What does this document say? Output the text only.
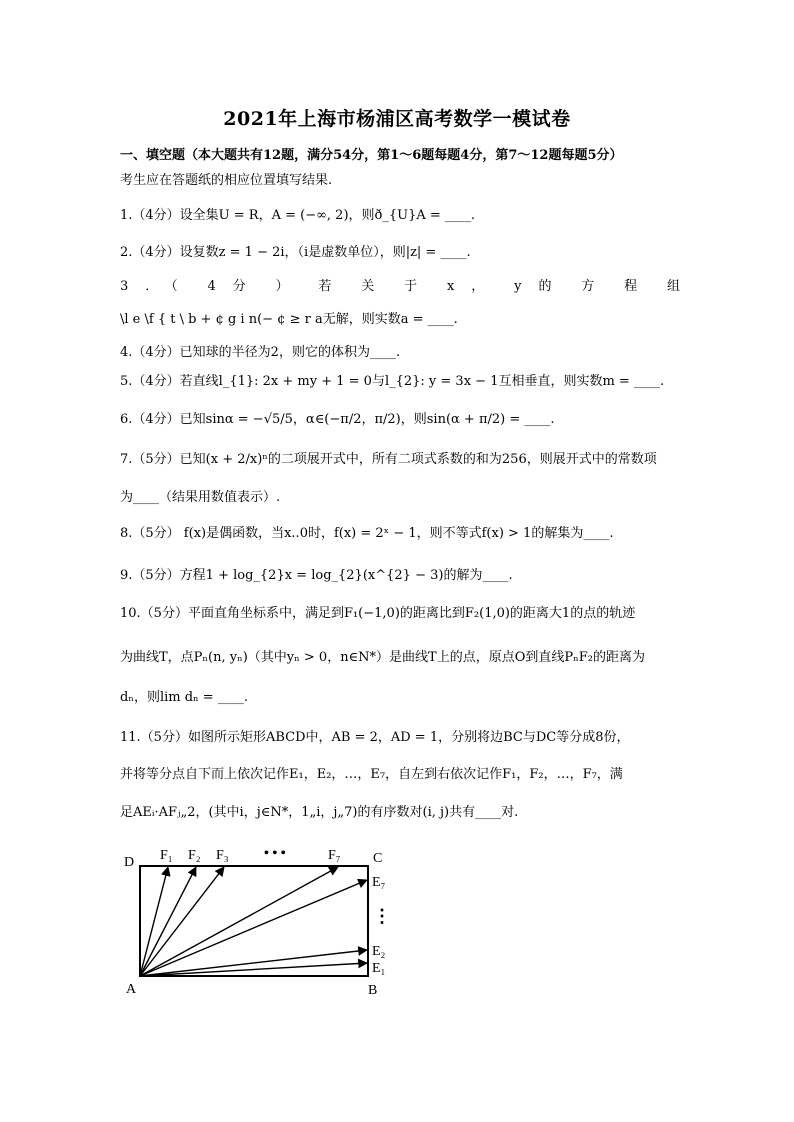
2021年上海市杨浦区高考数学一模试卷
一、填空题（本大题共有12题，满分54分，第1～6题每题4分，第7～12题每题5分）
考生应在答题纸的相应位置填写结果.
1.（4分）设全集U = R，A = (−∞, 2)，则ð_{U}A = ____.
2.（4分）设复数z = 1 − 2i，（i是虚数单位），则|z| = ____.
3 ．（ 4 分 ） 若 关 于 x ， y 的 方 程 组
\l e \f { t \ b + ¢ g i n(− ¢ ≥ r a无解，则实数a = ____.
4.（4分）已知球的半径为2，则它的体积为____.
5.（4分）若直线l_{1}: 2x + my + 1 = 0与l_{2}: y = 3x − 1互相垂直，则实数m = ____.
6.（4分）已知sinα = −√5/5，α∈(−π/2，π/2)，则sin(α + π/2) = ____.
7.（5分）已知(x + 2/x)ⁿ的二项展开式中，所有二项式系数的和为256，则展开式中的常数项
为____（结果用数值表示）.
8.（5分） f(x)是偶函数，当x..0时，f(x) = 2ˣ − 1，则不等式f(x) > 1的解集为____.
9.（5分）方程1 + log_{2}x = log_{2}(x^{2} − 3)的解为____.
10.（5分）平面直角坐标系中，满足到F₁(−1,0)的距离比到F₂(1,0)的距离大1的点的轨迹
为曲线T，点Pₙ(n, yₙ)（其中yₙ > 0，n∈N*）是曲线T上的点，原点O到直线PₙF₂的距离为
dₙ，则lim dₙ = ____.
11.（5分）如图所示矩形ABCD中，AB = 2，AD = 1，分别将边BC与DC等分成8份，
并将等分点自下而上依次记作E₁，E₂，…，E₇，自左到右依次记作F₁，F₂，…，F₇，满
足AEᵢ·AFⱼ„2，(其中i，j∈N*，1„i，j„7)的有序数对(i, j)共有____对.
D	C
A	B
F₁ F₂ F₃	• • •	F₇
E₇
⋮
E₂
E₁
